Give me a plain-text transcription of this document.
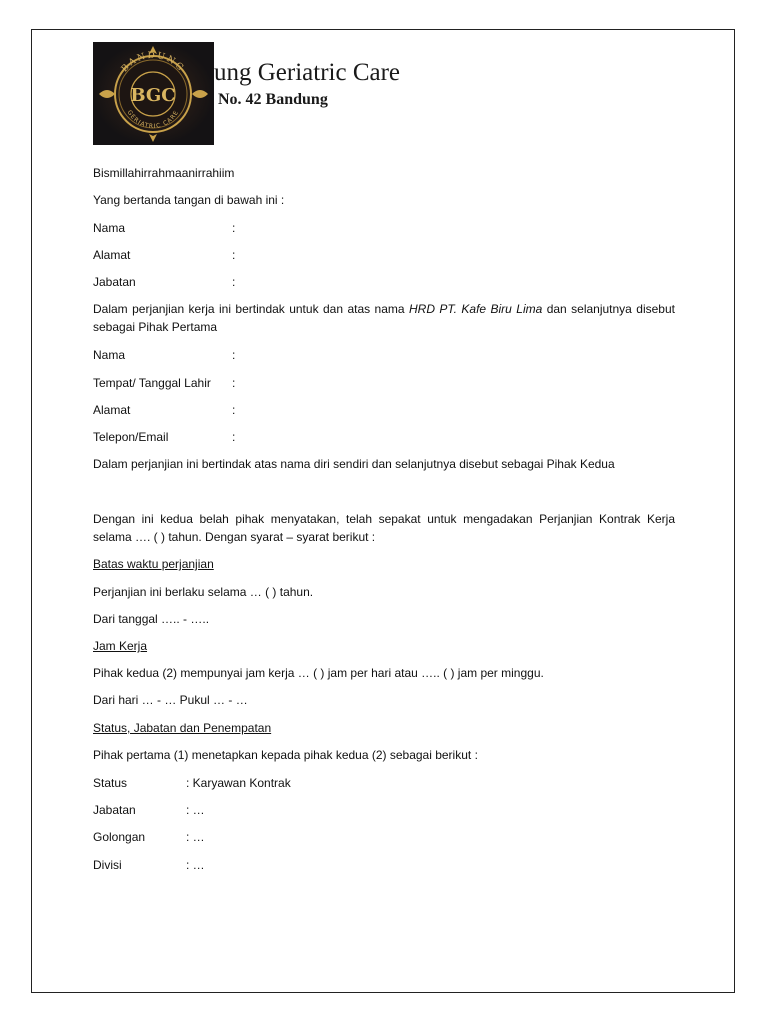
BANDUNG
BGC
GERIATRIC CARE
ung Geriatric Care
No. 42 Bandung
Bismillahirrahmaanirrahiim
Yang bertanda tangan di bawah ini :
Nama	:
Alamat	:
Jabatan	:
Dalam perjanjian kerja ini bertindak untuk dan atas nama HRD PT. Kafe Biru Lima dan selanjutnya disebut sebagai Pihak Pertama
Nama	:
Tempat/ Tanggal Lahir :
Alamat	:
Telepon/Email	:
Dalam perjanjian ini bertindak atas nama diri sendiri dan selanjutnya disebut sebagai Pihak Kedua
Dengan ini kedua belah pihak menyatakan, telah sepakat untuk mengadakan Perjanjian Kontrak Kerja selama …. ( ) tahun. Dengan syarat – syarat berikut :
Batas waktu perjanjian
Perjanjian ini berlaku selama … ( ) tahun.
Dari tanggal ….. - …..
Jam Kerja
Pihak kedua (2) mempunyai jam kerja … ( ) jam per hari atau ….. ( ) jam per minggu.
Dari hari … - … Pukul … - …
Status, Jabatan dan Penempatan
Pihak pertama (1) menetapkan kepada pihak kedua (2) sebagai berikut :
Status	: Karyawan Kontrak
Jabatan	: …
Golongan	: …
Divisi	: …
